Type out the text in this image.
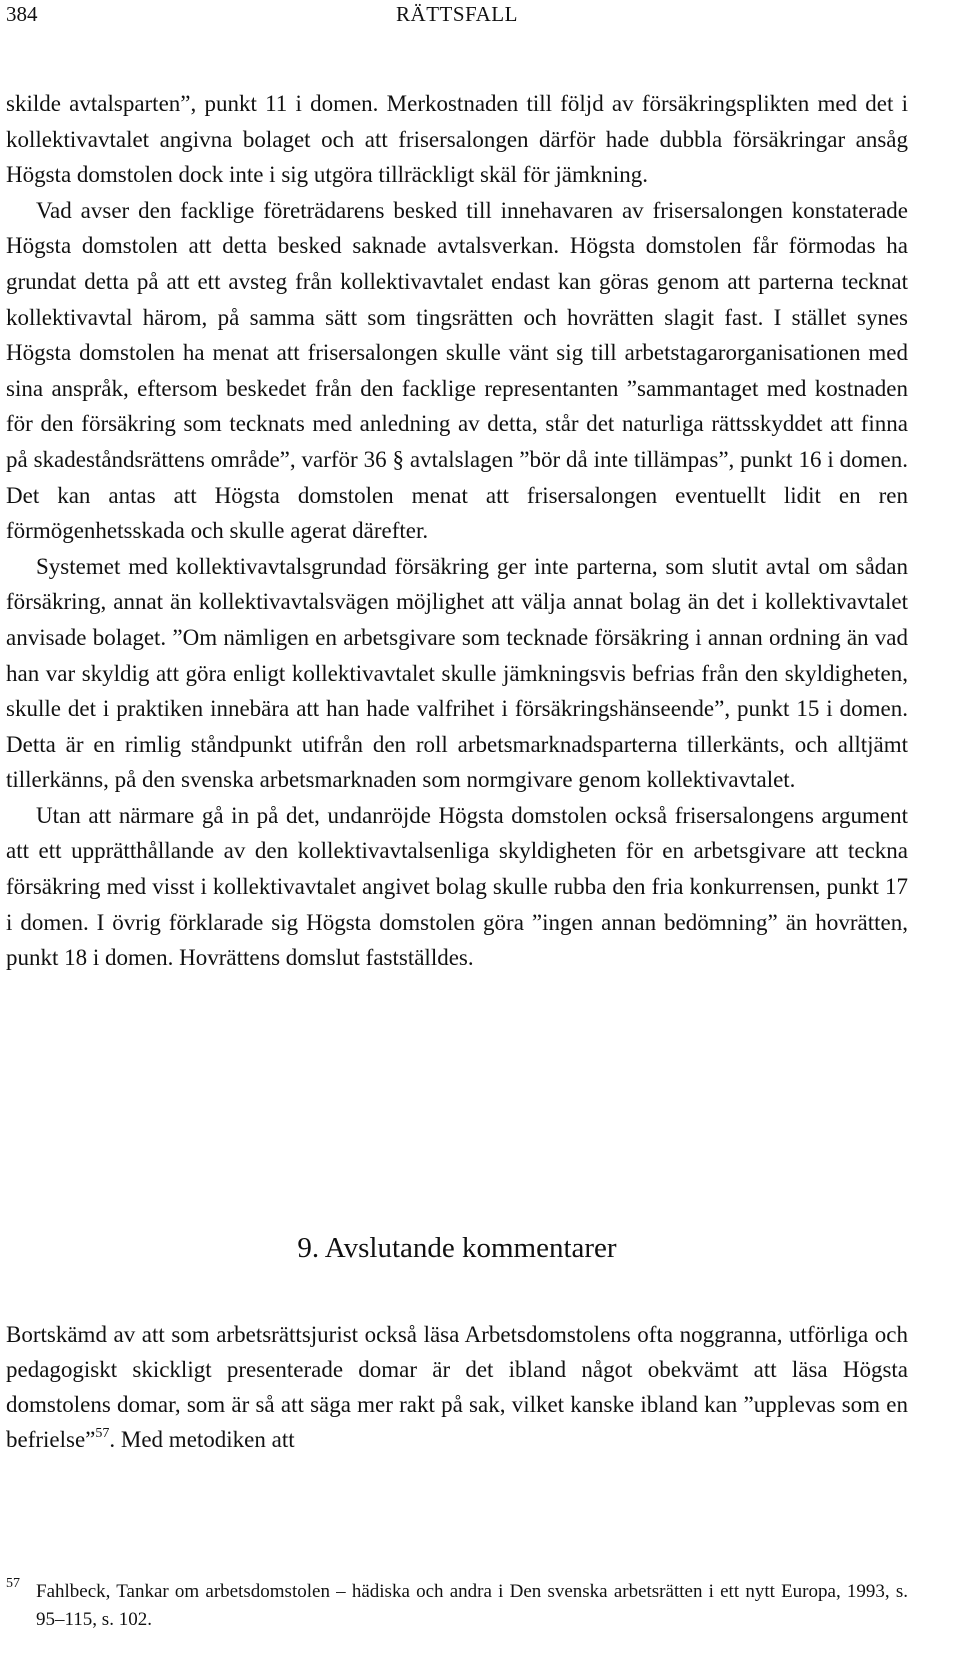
384	RÄTTSFALL

skilde avtalsparten”, punkt 11 i domen. Merkostnaden till följd av försäkringsplikten med det i kollektivavtalet angivna bolaget och att frisersalongen därför hade dubbla försäkringar ansåg Högsta domstolen dock inte i sig utgöra tillräckligt skäl för jämkning.

Vad avser den facklige företrädarens besked till innehavaren av frisersalongen konstaterade Högsta domstolen att detta besked saknade avtalsverkan. Högsta domstolen får förmodas ha grundat detta på att ett avsteg från kollektivavtalet endast kan göras genom att parterna tecknat kollektivavtal härom, på samma sätt som tingsrätten och hovrätten slagit fast. I stället synes Högsta domstolen ha menat att frisersalongen skulle vänt sig till arbetstagarorganisationen med sina anspråk, eftersom beskedet från den facklige representanten ”sammantaget med kostnaden för den försäkring som tecknats med anledning av detta, står det naturliga rättsskyddet att finna på skadeståndsrättens område”, varför 36 § avtalslagen ”bör då inte tillämpas”, punkt 16 i domen. Det kan antas att Högsta domstolen menat att frisersalongen eventuellt lidit en ren förmögenhetsskada och skulle agerat därefter.

Systemet med kollektivavtalsgrundad försäkring ger inte parterna, som slutit avtal om sådan försäkring, annat än kollektivavtalsvägen möjlighet att välja annat bolag än det i kollektivavtalet anvisade bolaget. ”Om nämligen en arbetsgivare som tecknade försäkring i annan ordning än vad han var skyldig att göra enligt kollektivavtalet skulle jämkningsvis befrias från den skyldigheten, skulle det i praktiken innebära att han hade valfrihet i försäkringshänseende”, punkt 15 i domen. Detta är en rimlig ståndpunkt utifrån den roll arbetsmarknadsparterna tillerkänts, och alltjämt tillerkänns, på den svenska arbetsmarknaden som normgivare genom kollektivavtalet.

Utan att närmare gå in på det, undanröjde Högsta domstolen också frisersalongens argument att ett upprätthållande av den kollektivavtalsenliga skyldigheten för en arbetsgivare att teckna försäkring med visst i kollektivavtalet angivet bolag skulle rubba den fria konkurrensen, punkt 17 i domen. I övrig förklarade sig Högsta domstolen göra ”ingen annan bedömning” än hovrätten, punkt 18 i domen. Hovrättens domslut fastställdes.

9. Avslutande kommentarer

Bortskämd av att som arbetsrättsjurist också läsa Arbetsdomstolens ofta noggranna, utförliga och pedagogiskt skickligt presenterade domar är det ibland något obekvämt att läsa Högsta domstolens domar, som är så att säga mer rakt på sak, vilket kanske ibland kan ”upplevas som en befrielse”$^{57}$. Med metodiken att

57 Fahlbeck, Tankar om arbetsdomstolen – hädiska och andra i Den svenska arbetsrätten i ett nytt Europa, 1993, s. 95–115, s. 102.
